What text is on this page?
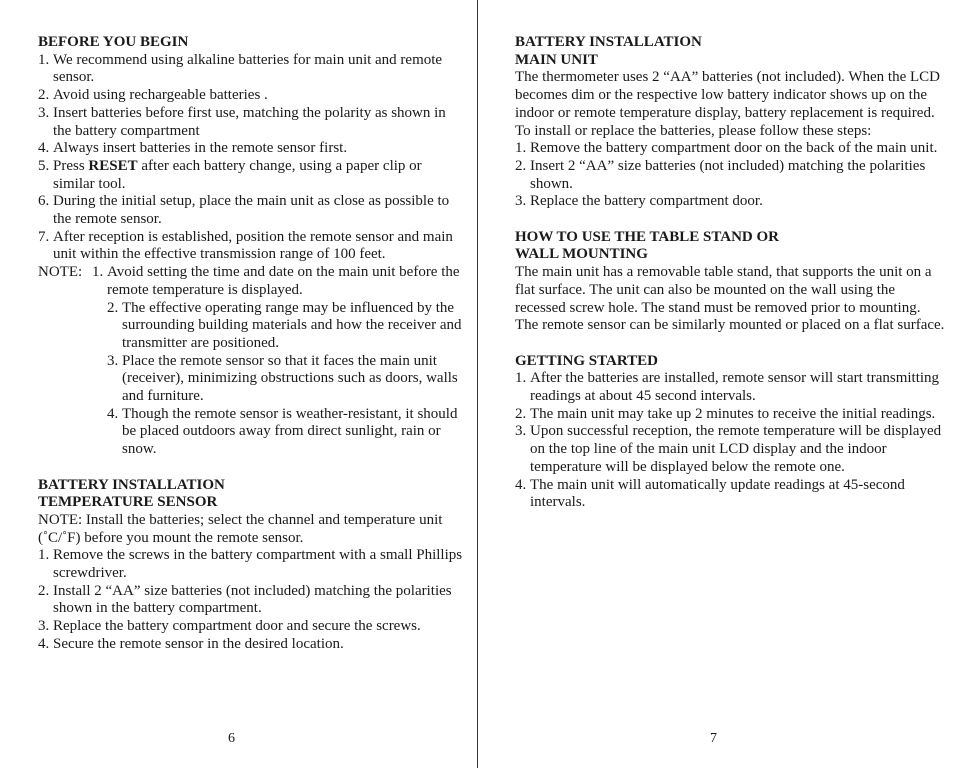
BEFORE YOU BEGIN

1. We recommend using alkaline batteries for main unit and remote sensor.
2. Avoid using rechargeable batteries .
3. Insert batteries before first use, matching the polarity as shown in the battery compartment
4. Always insert batteries in the remote sensor first.
5. Press RESET after each battery change, using a paper clip or similar tool.
6. During the initial setup, place the main unit as close as possible to the remote sensor.
7. After reception is established, position the remote sensor and main unit within the effective transmission range of 100 feet.
NOTE: 1. Avoid setting the time and date on the main unit before the remote temperature is displayed.
2. The effective operating range may be influenced by the surrounding building materials and how the receiver and transmitter are positioned.
3. Place the remote sensor so that it faces the main unit (receiver), minimizing obstructions such as doors, walls and furniture.
4. Though the remote sensor is weather-resistant, it should be placed outdoors away from direct sunlight, rain or snow.

BATTERY INSTALLATION

TEMPERATURE SENSOR

NOTE: Install the batteries; select the channel and temperature unit (˚C/˚F) before you mount the remote sensor.

1. Remove the screws in the battery compartment with a small Phillips screwdriver.
2. Install 2 “AA” size batteries (not included) matching the polarities shown in the battery compartment.
3. Replace the battery compartment door and secure the screws.
4. Secure the remote sensor in the desired location.
6

BATTERY INSTALLATION

MAIN UNIT

The thermometer uses 2 “AA” batteries (not included). When the LCD becomes dim or the respective low battery indicator shows up on the indoor or remote temperature display, battery replacement is required.

To install or replace the batteries, please follow these steps:

1. Remove the battery compartment door on the back of the main unit.
2. Insert 2 “AA” size batteries (not included) matching the polarities shown.
3. Replace the battery compartment door.

HOW TO USE THE TABLE STAND OR

WALL MOUNTING

The main unit has a removable table stand, that supports the unit on a flat surface. The unit can also be mounted on the wall using the recessed screw hole. The stand must be removed prior to mounting. The remote sensor can be similarly mounted or placed on a flat surface.

GETTING STARTED

1. After the batteries are installed, remote sensor will start transmitting readings at about 45 second intervals.
2. The main unit may take up 2 minutes to receive the initial readings.
3. Upon successful reception, the remote temperature will be displayed on the top line of the main unit LCD display and the indoor temperature will be displayed below the remote one.
4. The main unit will automatically update readings at 45-second intervals.
7
